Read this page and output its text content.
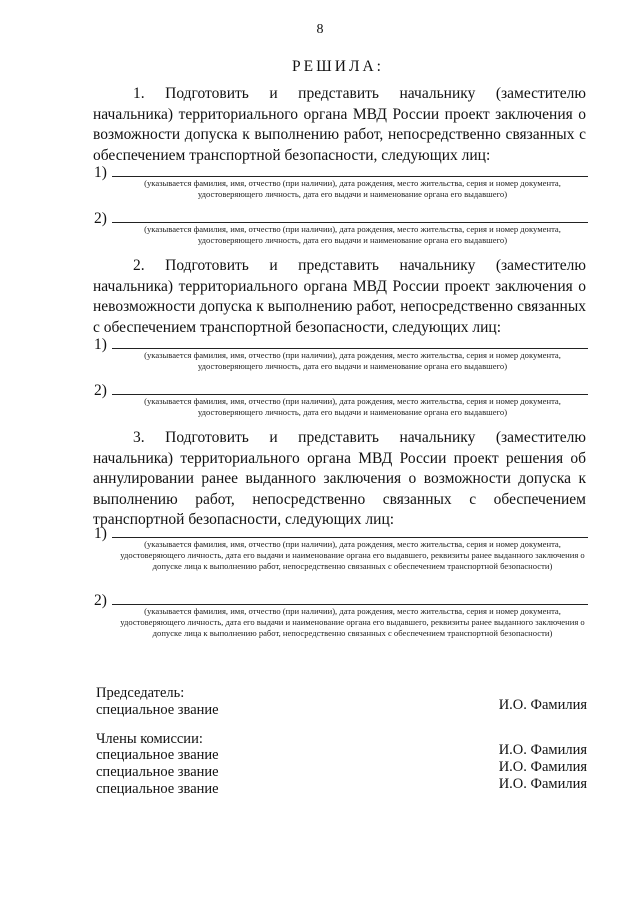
8
РЕШИЛА:

1. Подготовить и представить начальнику (заместителю начальника) территориального органа МВД России проект заключения о возможности допуска к выполнению работ, непосредственно связанных с обеспечением транспортной безопасности, следующих лиц:

1)

(указывается фамилия, имя, отчество (при наличии), дата рождения, место жительства, серия и номер документа, удостоверяющего личность, дата его выдачи и наименование органа его выдавшего)

2)

(указывается фамилия, имя, отчество (при наличии), дата рождения, место жительства, серия и номер документа, удостоверяющего личность, дата его выдачи и наименование органа его выдавшего)

2. Подготовить и представить начальнику (заместителю начальника) территориального органа МВД России проект заключения о невозможности допуска к выполнению работ, непосредственно связанных с обеспечением транспортной безопасности, следующих лиц:

1)

(указывается фамилия, имя, отчество (при наличии), дата рождения, место жительства, серия и номер документа, удостоверяющего личность, дата его выдачи и наименование органа его выдавшего)

2)

(указывается фамилия, имя, отчество (при наличии), дата рождения, место жительства, серия и номер документа, удостоверяющего личность, дата его выдачи и наименование органа его выдавшего)

3. Подготовить и представить начальнику (заместителю начальника) территориального органа МВД России проект решения об аннулировании ранее выданного заключения о возможности допуска к выполнению работ, непосредственно связанных с обеспечением транспортной безопасности, следующих лиц:

1)

(указывается фамилия, имя, отчество (при наличии), дата рождения, место жительства, серия и номер документа, удостоверяющего личность, дата его выдачи и наименование органа его выдавшего, реквизиты ранее выданного заключения о допуске лица к выполнению работ, непосредственно связанных с обеспечением транспортной безопасности)

2)

(указывается фамилия, имя, отчество (при наличии), дата рождения, место жительства, серия и номер документа, удостоверяющего личность, дата его выдачи и наименование органа его выдавшего, реквизиты ранее выданного заключения о допуске лица к выполнению работ, непосредственно связанных с обеспечением транспортной безопасности)

Председатель:
специальное звание	И.О. Фамилия
Члены комиссии:
специальное звание	И.О. Фамилия
специальное звание	И.О. Фамилия
специальное звание	И.О. Фамилия
